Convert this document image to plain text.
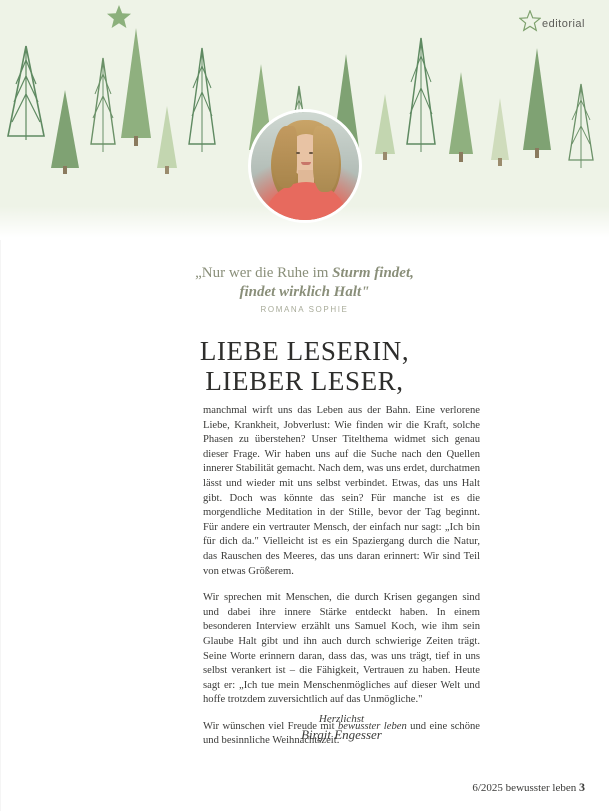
editorial
„Nur wer die Ruhe im Sturm findet,
findet wirklich Halt"
ROMANA SOPHIE
LIEBE LESERIN,
LIEBER LESER,

manchmal wirft uns das Leben aus der Bahn. Eine verlorene Liebe, Krankheit, Jobverlust: Wie finden wir die Kraft, solche Phasen zu überstehen? Unser Titelthema widmet sich genau dieser Frage. Wir haben uns auf die Suche nach den Quellen innerer Stabilität gemacht. Nach dem, was uns erdet, durchatmen lässt und wieder mit uns selbst verbindet. Etwas, das uns Halt gibt. Doch was könnte das sein? Für manche ist es die morgendliche Meditation in der Stille, bevor der Tag beginnt. Für andere ein vertrauter Mensch, der einfach nur sagt: „Ich bin für dich da." Vielleicht ist es ein Spaziergang durch die Natur, das Rauschen des Meeres, das uns daran erinnert: Wir sind Teil von etwas Größerem.

Wir sprechen mit Menschen, die durch Krisen gegangen sind und dabei ihre innere Stärke entdeckt haben. In einem besonderen Interview erzählt uns Samuel Koch, wie ihm sein Glaube Halt gibt und ihn auch durch schwierige Zeiten trägt. Seine Worte erinnern daran, dass das, was uns trägt, tief in uns selbst verankert ist – die Fähigkeit, Vertrauen zu haben. Heute sagt er: „Ich tue mein Menschenmögliches auf dieser Welt und hoffe trotzdem zuversichtlich auf das Unmögliche."

Wir wünschen viel Freude mit bewusster leben und eine schöne und besinnliche Weihnachtszeit.

Herzlichst
Birgit Engesser
6/2025 bewusster leben 3
